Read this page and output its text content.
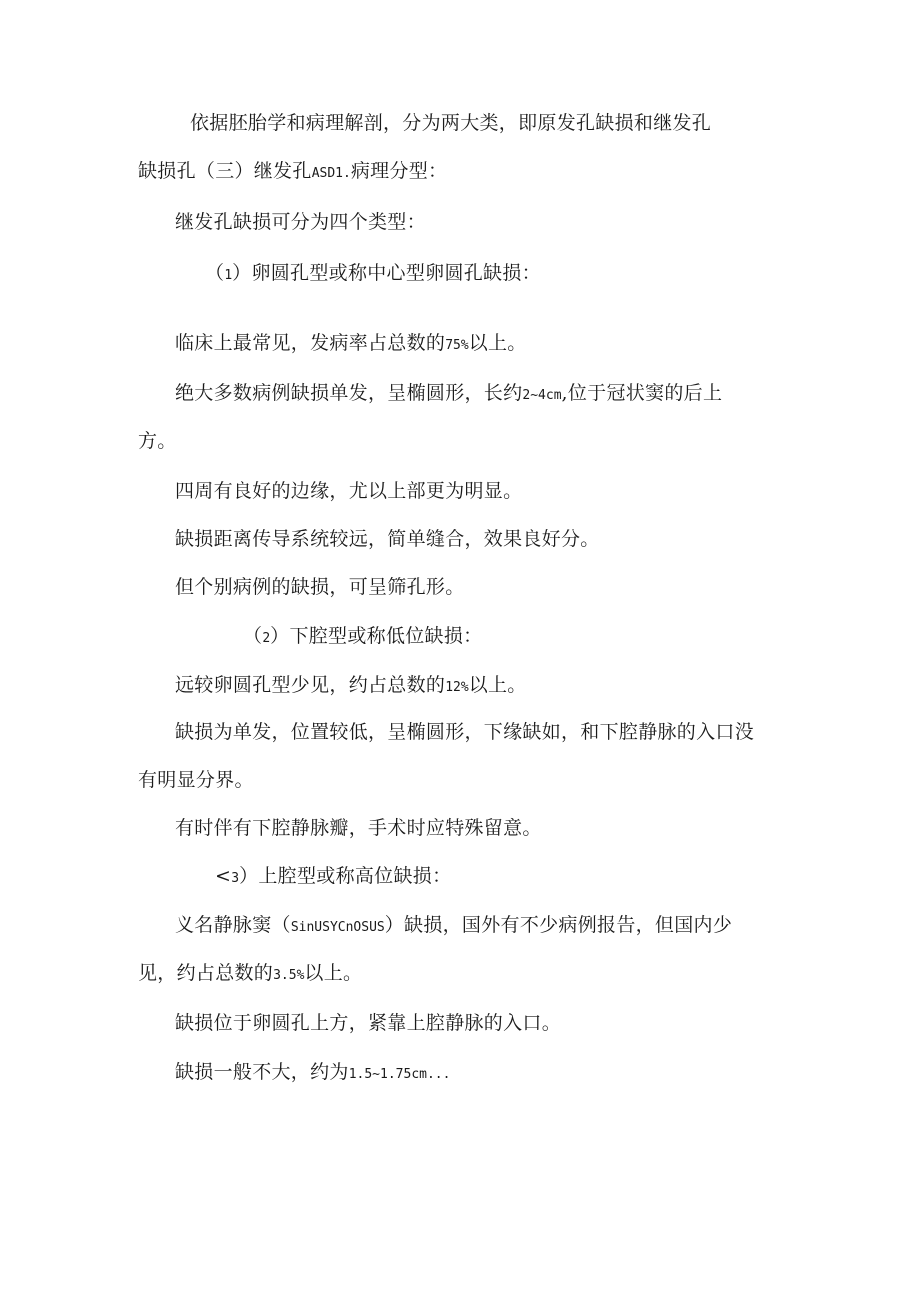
依据胚胎学和病理解剖，分为两大类，即原发孔缺损和继发孔
缺损孔（三）继发孔ASD1.病理分型：
继发孔缺损可分为四个类型：
（1）卵圆孔型或称中心型卵圆孔缺损：
临床上最常见，发病率占总数的75%以上。
绝大多数病例缺损单发，呈椭圆形，长约2~4cm,位于冠状窦的后上
方。
四周有良好的边缘，尤以上部更为明显。
缺损距离传导系统较远，简单缝合，效果良好分。
但个别病例的缺损，可呈筛孔形。
（2）下腔型或称低位缺损：
远较卵圆孔型少见，约占总数的12%以上。
缺损为单发，位置较低，呈椭圆形，下缘缺如，和下腔静脉的入口没
有明显分界。
有时伴有下腔静脉瓣，手术时应特殊留意。
<3）上腔型或称高位缺损：
义名静脉窦（SinUSYCnOSUS）缺损，国外有不少病例报告，但国内少
见，约占总数的3.5%以上。
缺损位于卵圆孔上方，紧靠上腔静脉的入口。
缺损一般不大，约为1.5~1.75cm...
